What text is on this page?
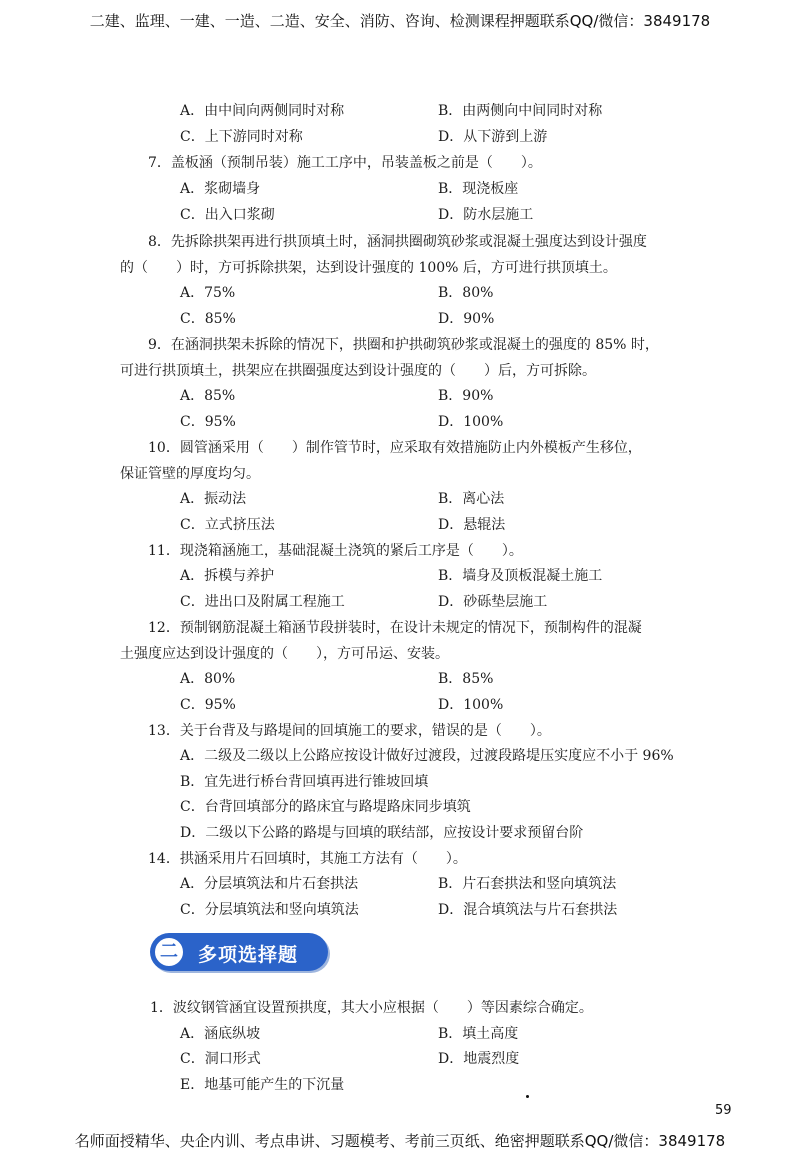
二建、监理、一建、一造、二造、安全、消防、咨询、检测课程押题联系QQ/微信：3849178
A．由中间向两侧同时对称	B．由两侧向中间同时对称
C．上下游同时对称	D．从下游到上游
7．盖板涵（预制吊装）施工工序中，吊装盖板之前是（　　）。
A．浆砌墙身	B．现浇板座
C．出入口浆砌	D．防水层施工
8．先拆除拱架再进行拱顶填土时，涵洞拱圈砌筑砂浆或混凝土强度达到设计强度
的（　　）时，方可拆除拱架，达到设计强度的 100% 后，方可进行拱顶填土。
A．75%	B．80%
C．85%	D．90%
9．在涵洞拱架未拆除的情况下，拱圈和护拱砌筑砂浆或混凝土的强度的 85% 时，
可进行拱顶填土，拱架应在拱圈强度达到设计强度的（　　）后，方可拆除。
A．85%	B．90%
C．95%	D．100%
10．圆管涵采用（　　）制作管节时，应采取有效措施防止内外模板产生移位，
保证管壁的厚度均匀。
A．振动法	B．离心法
C．立式挤压法	D．悬辊法
11．现浇箱涵施工，基础混凝土浇筑的紧后工序是（　　）。
A．拆模与养护	B．墙身及顶板混凝土施工
C．进出口及附属工程施工	D．砂砾垫层施工
12．预制钢筋混凝土箱涵节段拼装时，在设计未规定的情况下，预制构件的混凝
土强度应达到设计强度的（　　），方可吊运、安装。
A．80%	B．85%
C．95%	D．100%
13．关于台背及与路堤间的回填施工的要求，错误的是（　　）。
A．二级及二级以上公路应按设计做好过渡段，过渡段路堤压实度应不小于 96%
B．宜先进行桥台背回填再进行锥坡回填
C．台背回填部分的路床宜与路堤路床同步填筑
D．二级以下公路的路堤与回填的联结部，应按设计要求预留台阶
14．拱涵采用片石回填时，其施工方法有（　　）。
A．分层填筑法和片石套拱法	B．片石套拱法和竖向填筑法
C．分层填筑法和竖向填筑法	D．混合填筑法与片石套拱法
二	多项选择题
1．波纹钢管涵宜设置预拱度，其大小应根据（　　）等因素综合确定。
A．涵底纵坡	B．填土高度
C．洞口形式	D．地震烈度
E．地基可能产生的下沉量
59
名师面授精华、央企内训、考点串讲、习题模考、考前三页纸、绝密押题联系QQ/微信：3849178
